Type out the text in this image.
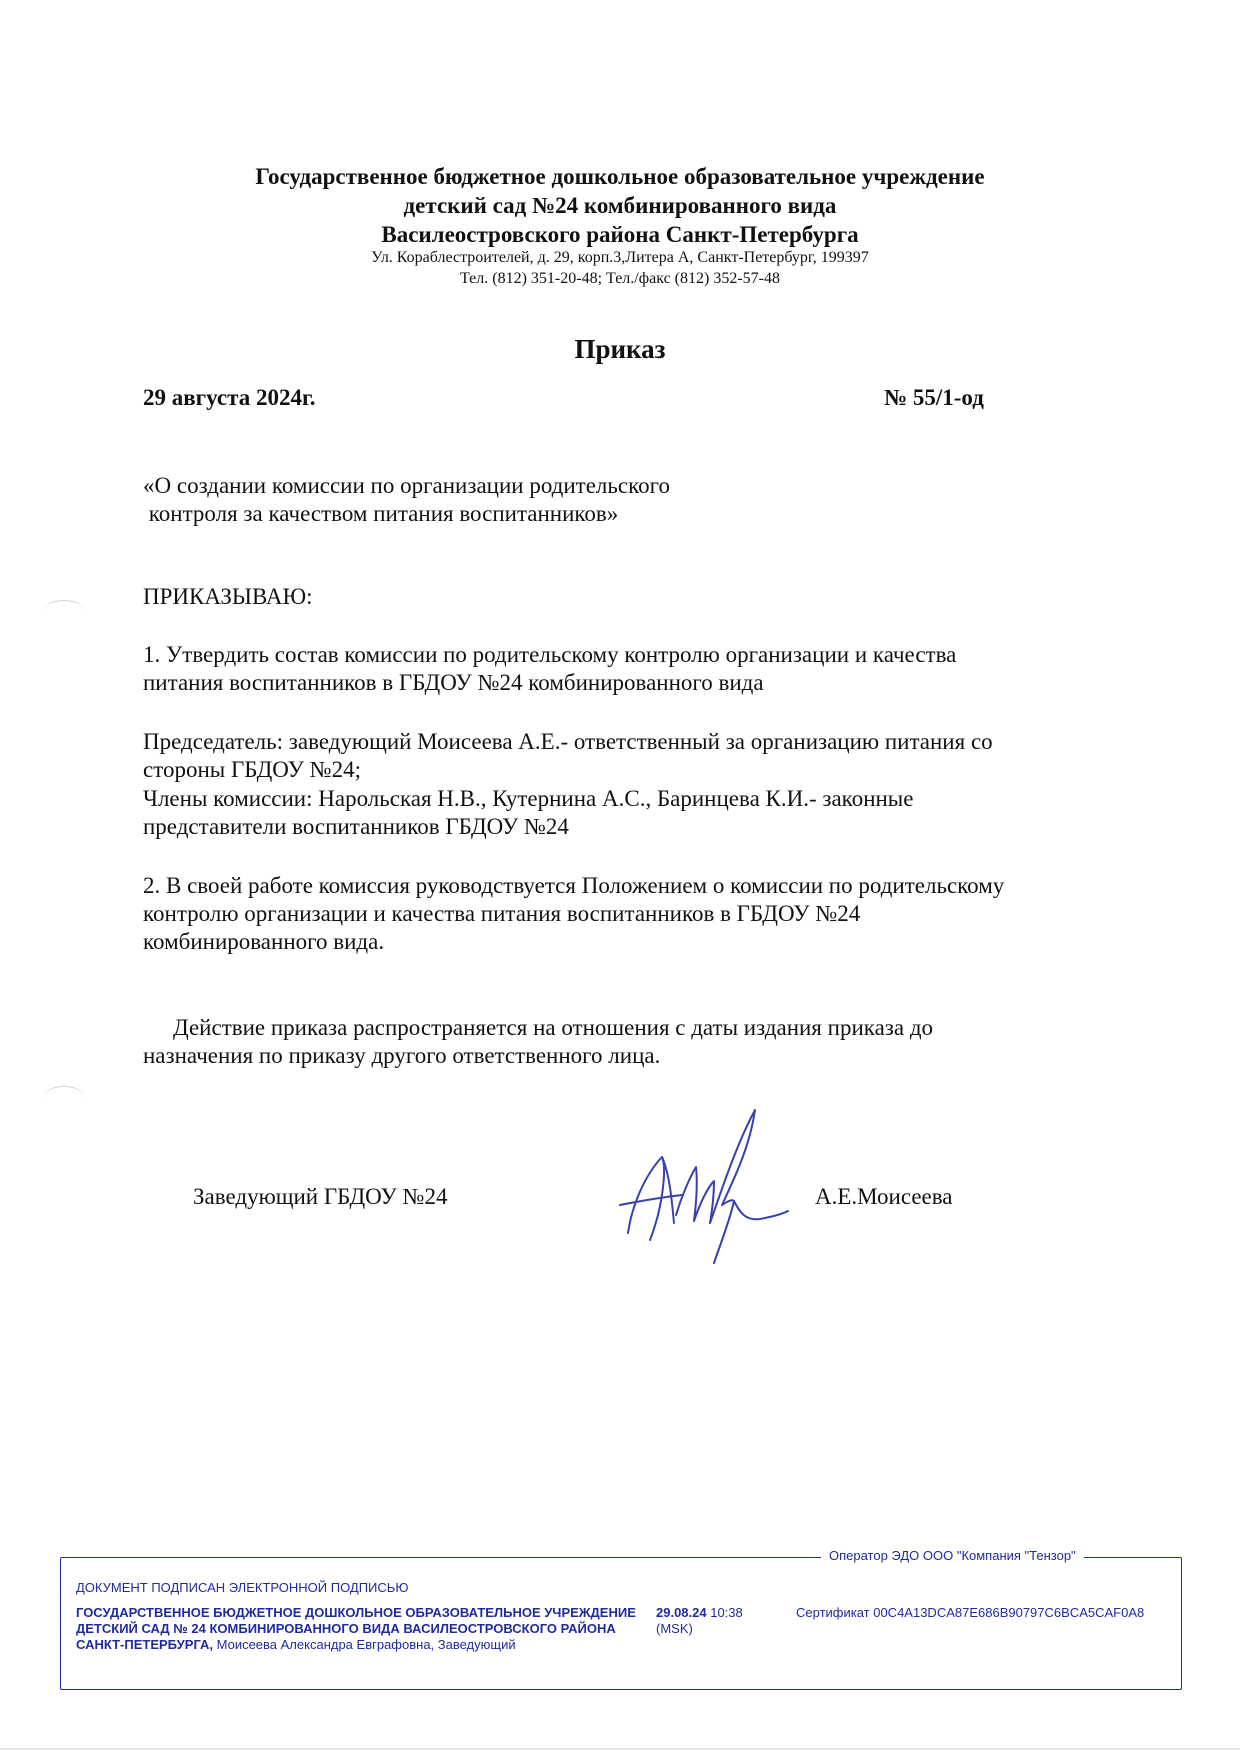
Государственное бюджетное дошкольное образовательное учреждение
детский сад №24 комбинированного вида
Василеостровского района Санкт-Петербурга
Ул. Кораблестроителей, д. 29, корп.3,Литера А, Санкт-Петербург, 199397
Тел. (812) 351-20-48; Тел./факс (812) 352-57-48
Приказ
29 августа 2024г.	№ 55/1-од
«О создании комиссии по организации родительского
контроля за качеством питания воспитанников»
ПРИКАЗЫВАЮ:
1. Утвердить состав комиссии по родительскому контролю организации и качества
питания воспитанников в ГБДОУ №24 комбинированного вида
Председатель: заведующий Моисеева А.Е.- ответственный за организацию питания со
стороны ГБДОУ №24;
Члены комиссии: Нарольская Н.В., Кутернина А.С., Баринцева К.И.- законные
представители воспитанников ГБДОУ №24
2. В своей работе комиссия руководствуется Положением о комиссии по родительскому
контролю организации и качества питания воспитанников в ГБДОУ №24
комбинированного вида.
Действие приказа распространяется на отношения с даты издания приказа до
назначения по приказу другого ответственного лица.
Заведующий ГБДОУ №24	А.Е.Моисеева
Оператор ЭДО ООО "Компания "Тензор"
ДОКУМЕНТ ПОДПИСАН ЭЛЕКТРОННОЙ ПОДПИСЬЮ
ГОСУДАРСТВЕННОЕ БЮДЖЕТНОЕ ДОШКОЛЬНОЕ ОБРАЗОВАТЕЛЬНОЕ УЧРЕЖДЕНИЕ ДЕТСКИЙ САД № 24 КОМБИНИРОВАННОГО ВИДА ВАСИЛЕОСТРОВСКОГО РАЙОНА САНКТ-ПЕТЕРБУРГА, Моисеева Александра Евграфовна, Заведующий
29.08.24 10:38
(MSK)
Сертификат 00C4A13DCA87E686B90797C6BCA5CAF0A8
